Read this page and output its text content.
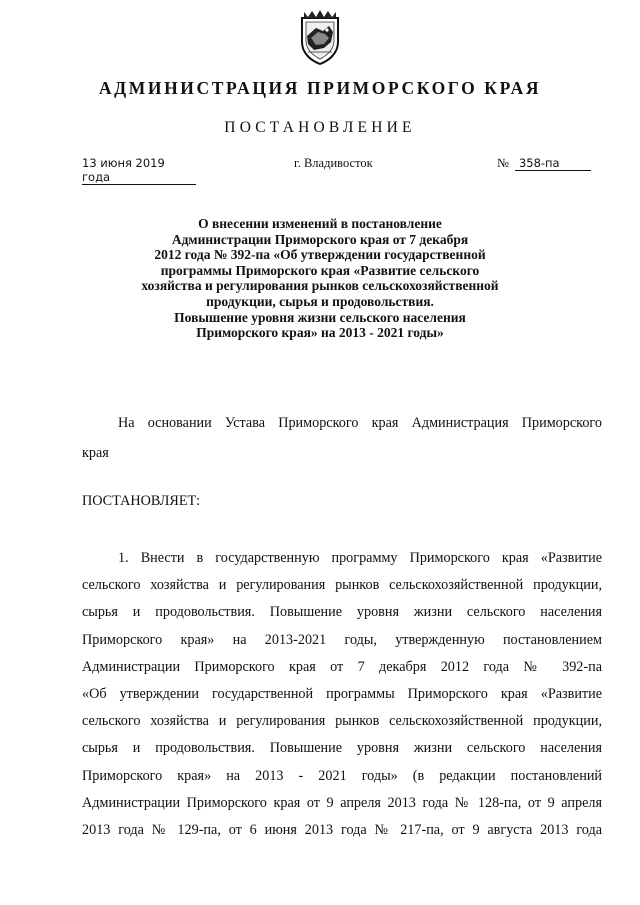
АДМИНИСТРАЦИЯ ПРИМОРСКОГО КРАЯ
ПОСТАНОВЛЕНИЕ
13 июня 2019 года
г. Владивосток	№ 358-па
О внесении изменений в постановление
Администрации Приморского края от 7 декабря
2012 года № 392-па «Об утверждении государственной
программы Приморского края «Развитие сельского
хозяйства и регулирования рынков сельскохозяйственной
продукции, сырья и продовольствия.
Повышение уровня жизни сельского населения
Приморского края» на 2013 - 2021 годы»
На основании Устава Приморского края Администрация Приморского
края
ПОСТАНОВЛЯЕТ:
1. Внести в государственную программу Приморского края «Развитие
сельского хозяйства и регулирования рынков сельскохозяйственной продукции,
сырья и продовольствия. Повышение уровня жизни сельского населения
Приморского края» на 2013-2021 годы, утвержденную постановлением
Администрации Приморского края от 7 декабря 2012 года № 392-па
«Об утверждении государственной программы Приморского края «Развитие
сельского хозяйства и регулирования рынков сельскохозяйственной продукции,
сырья и продовольствия. Повышение уровня жизни сельского населения
Приморского края» на 2013 - 2021 годы» (в редакции постановлений
Администрации Приморского края от 9 апреля 2013 года № 128-па, от 9 апреля
2013 года № 129-па, от 6 июня 2013 года № 217-па, от 9 августа 2013 года
